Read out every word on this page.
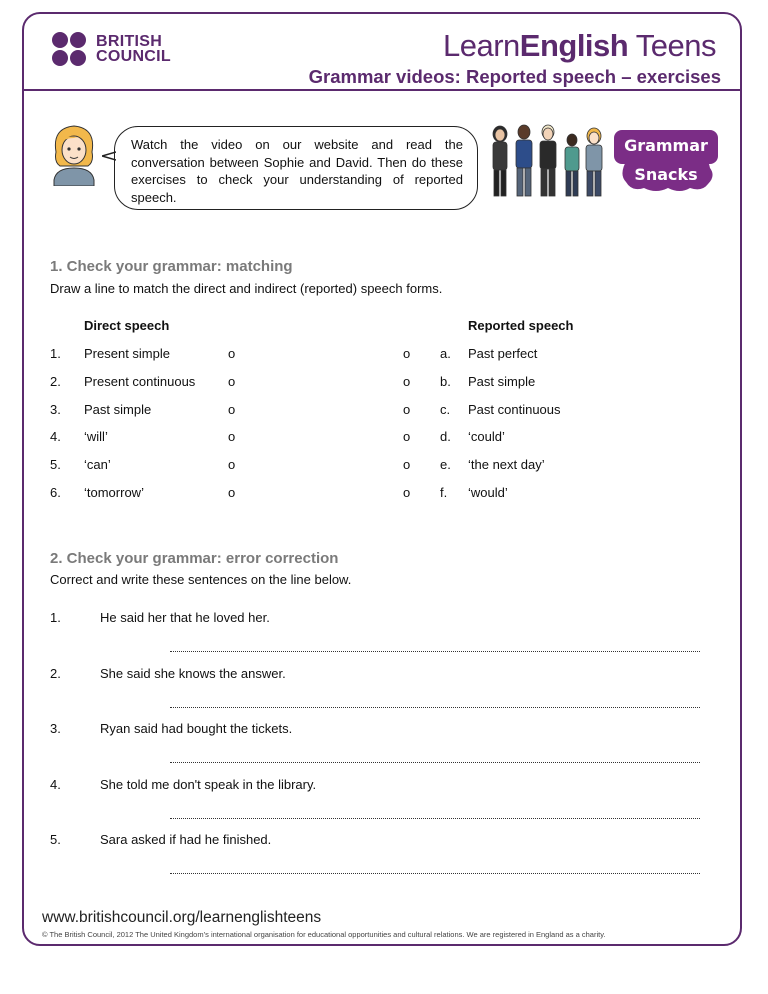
BRITISH
COUNCIL	LearnEnglish Teens
Grammar videos: Reported speech – exercises
Watch the video on our website and read the conversation between Sophie and David. Then do these exercises to check your understanding of reported speech.
Grammar
Snacks
1. Check your grammar: matching
Draw a line to match the direct and indirect (reported) speech forms.
Direct speech	Reported speech
1. Present simple	o	o a. Past perfect
2. Present continuous	o	o b. Past simple
3. Past simple	o	o c. Past continuous
4. ‘will’	o	o d. ‘could’
5. ‘can’	o	o e. ‘the next day’
6. ‘tomorrow’	o	o f. ‘would’
2. Check your grammar: error correction
Correct and write these sentences on the line below.
1.	He said her that he loved her.
2.	She said she knows the answer.
3.	Ryan said had bought the tickets.
4.	She told me don't speak in the library.
5.	Sara asked if had he finished.
www.britishcouncil.org/learnenglishteens
© The British Council, 2012 The United Kingdom’s international organisation for educational opportunities and cultural relations. We are registered in England as a charity.
